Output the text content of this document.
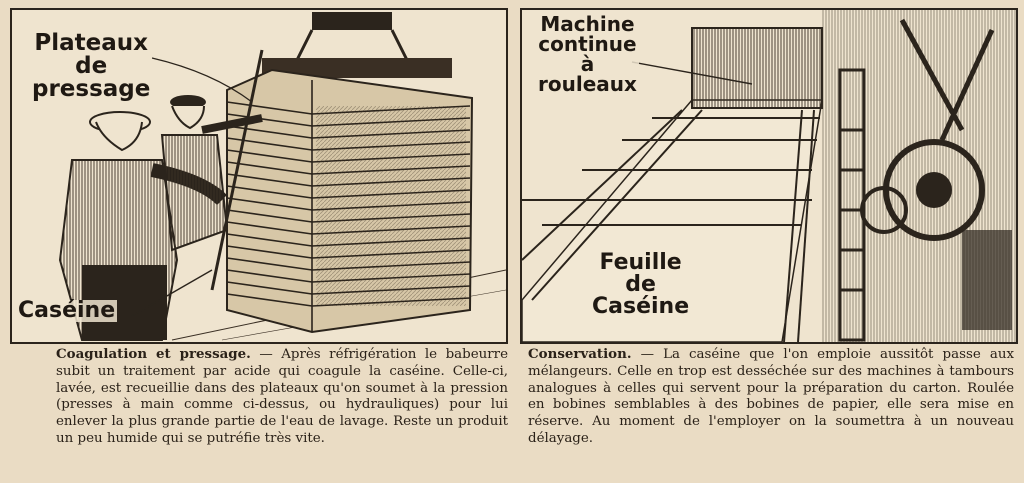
Plateaux
de
pressage
Caséine
Machine
continue
à
rouleaux
Feuille
de
Caséine

Coagulation et pressage. — Après réfrigération le babeurre subit un traitement par acide qui coagule la caséine. Celle-ci, lavée, est recueillie dans des plateaux qu'on soumet à la pression (presses à main comme ci-dessus, ou hydrauliques) pour lui enlever la plus grande partie de l'eau de lavage. Reste un produit un peu humide qui se putréfie très vite.

Conservation. — La caséine que l'on emploie aussitôt passe aux mélangeurs. Celle en trop est desséchée sur des machines à tambours analogues à celles qui servent pour la préparation du carton. Roulée en bobines semblables à des bobines de papier, elle sera mise en réserve. Au moment de l'employer on la soumettra à un nouveau délayage.
